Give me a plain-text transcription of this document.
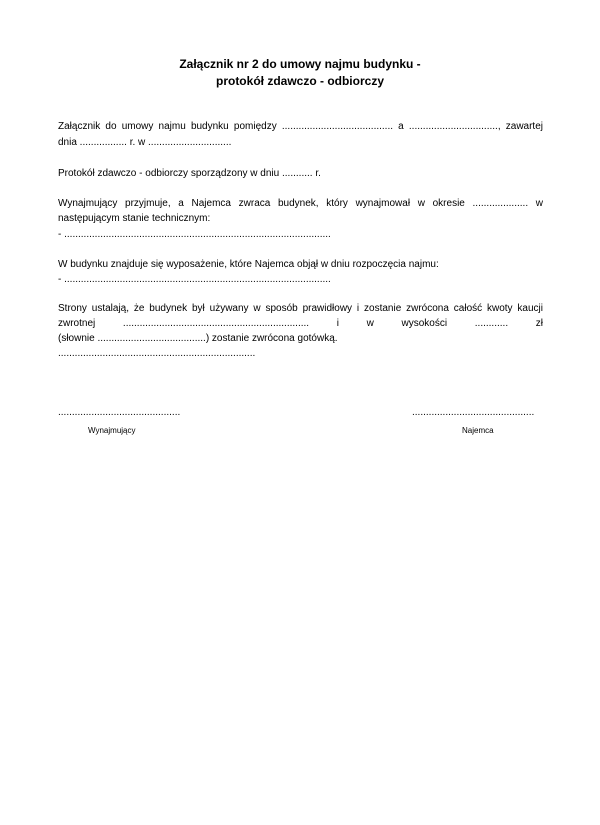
Załącznik nr 2 do umowy najmu budynku -
protokół zdawczo - odbiorczy
Załącznik do umowy najmu budynku pomiędzy ........................................ a ................................, zawartej
dnia ................. r. w ..............................
Protokół zdawczo - odbiorczy sporządzony w dniu ........... r.
Wynajmujący przyjmuje, a Najemca zwraca budynek, który wynajmował w okresie .................... w
następującym stanie technicznym:
- ................................................................................................
W budynku znajduje się wyposażenie, które Najemca objął w dniu rozpoczęcia najmu:
- ................................................................................................
Strony ustalają, że budynek był używany w sposób prawidłowy i zostanie zwrócona całość kwoty kaucji
zwrotnej ................................................................... i w wysokości ............ zł
(słownie .......................................) zostanie zwrócona gotówką.
.......................................................................
............................................
Wynajmujący
............................................
Najemca
